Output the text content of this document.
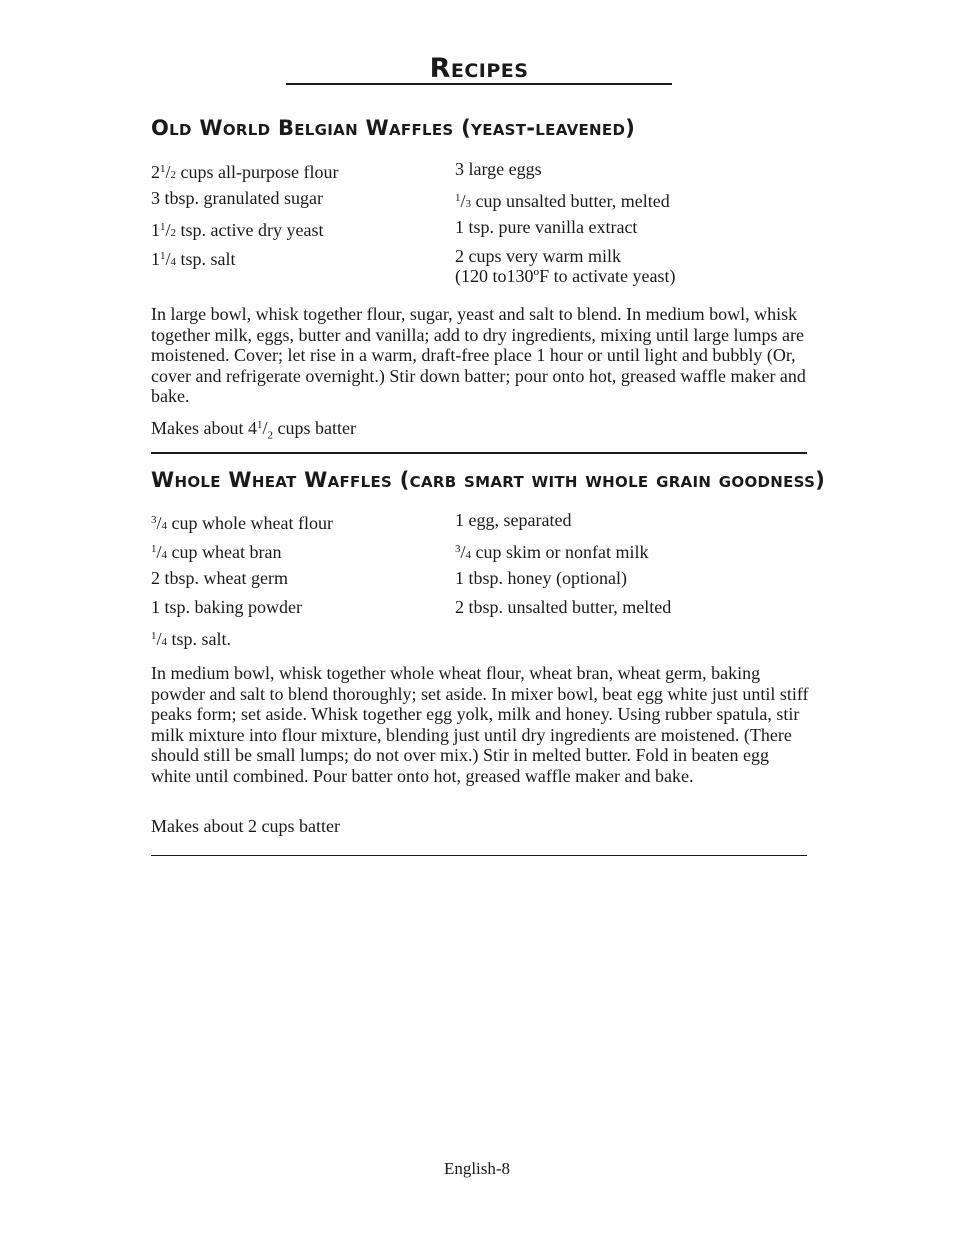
Recipes
Old World Belgian Waffles (yeast-leavened)
$2^1/2$ cups all-purpose flour
3 tbsp. granulated sugar
$1^1/2$ tsp. active dry yeast
$1^1/4$ tsp. salt
3 large eggs
$^1$/3 cup unsalted butter, melted
1 tsp. pure vanilla extract
2 cups very warm milk
(120 to130ºF to activate yeast)
In large bowl, whisk together flour, sugar, yeast and salt to blend. In medium bowl, whisk together milk, eggs, butter and vanilla; add to dry ingredients, mixing until large lumps are moistened. Cover; let rise in a warm, draft-free place 1 hour or until light and bubbly (Or, cover and refrigerate overnight.) Stir down batter; pour onto hot, greased waffle maker and bake.
Makes about $4^1/_2$ cups batter
Whole Wheat Waffles (carb smart with whole grain goodness)
$^3$/4 cup whole wheat flour
$^1$/4 cup wheat bran
2 tbsp. wheat germ
1 tsp. baking powder
$^1$/4 tsp. salt.
1 egg, separated
$^3$/4 cup skim or nonfat milk
1 tbsp. honey (optional)
2 tbsp. unsalted butter, melted
In medium bowl, whisk together whole wheat flour, wheat bran, wheat germ, baking powder and salt to blend thoroughly; set aside. In mixer bowl, beat egg white just until stiff peaks form; set aside. Whisk together egg yolk, milk and honey. Using rubber spatula, stir milk mixture into flour mixture, blending just until dry ingredients are moistened. (There should still be small lumps; do not over mix.) Stir in melted butter. Fold in beaten egg white until combined. Pour batter onto hot, greased waffle maker and bake.
Makes about 2 cups batter
English-8
